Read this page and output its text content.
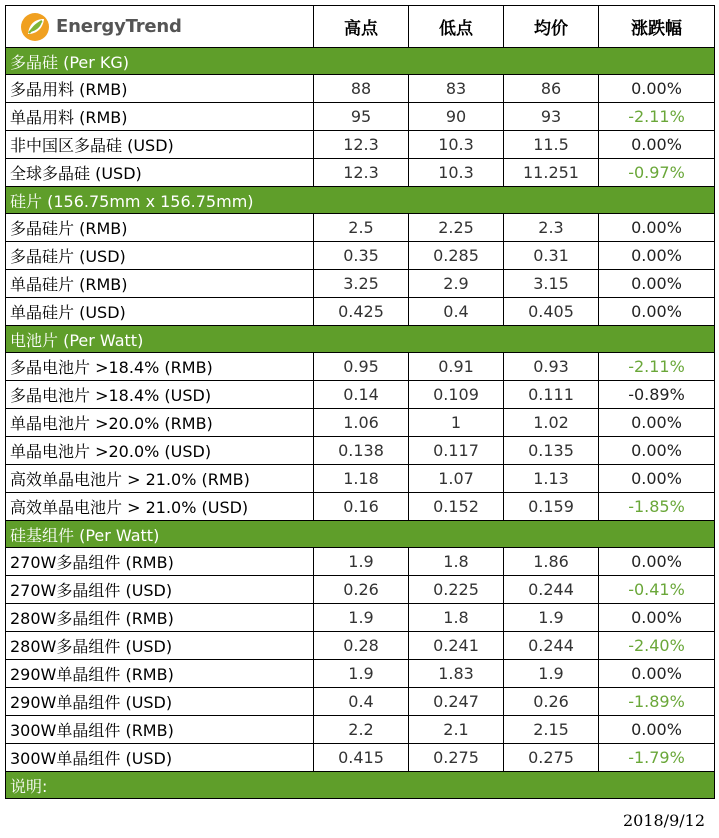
EnergyTrend	高点	低点	均价	涨跌幅
多晶硅 (Per KG)				
多晶用料 (RMB)	88	83	86	0.00%
单晶用料 (RMB)	95	90	93	-2.11%
非中国区多晶硅 (USD)	12.3	10.3	11.5	0.00%
全球多晶硅 (USD)	12.3	10.3	11.251	-0.97%
硅片 (156.75mm x 156.75mm)				
多晶硅片 (RMB)	2.5	2.25	2.3	0.00%
多晶硅片 (USD)	0.35	0.285	0.31	0.00%
单晶硅片 (RMB)	3.25	2.9	3.15	0.00%
单晶硅片 (USD)	0.425	0.4	0.405	0.00%
电池片 (Per Watt)				
多晶电池片 >18.4% (RMB)	0.95	0.91	0.93	-2.11%
多晶电池片 >18.4% (USD)	0.14	0.109	0.111	-0.89%
单晶电池片 >20.0% (RMB)	1.06	1	1.02	0.00%
单晶电池片 >20.0% (USD)	0.138	0.117	0.135	0.00%
高效单晶电池片 > 21.0% (RMB)	1.18	1.07	1.13	0.00%
高效单晶电池片 > 21.0% (USD)	0.16	0.152	0.159	-1.85%
硅基组件 (Per Watt)				
270W多晶组件 (RMB)	1.9	1.8	1.86	0.00%
270W多晶组件 (USD)	0.26	0.225	0.244	-0.41%
280W多晶组件 (RMB)	1.9	1.8	1.9	0.00%
280W多晶组件 (USD)	0.28	0.241	0.244	-2.40%
290W单晶组件 (RMB)	1.9	1.83	1.9	0.00%
290W单晶组件 (USD)	0.4	0.247	0.26	-1.89%
300W单晶组件 (RMB)	2.2	2.1	2.15	0.00%
300W单晶组件 (USD)	0.415	0.275	0.275	-1.79%
说明:				
2018/9/12
